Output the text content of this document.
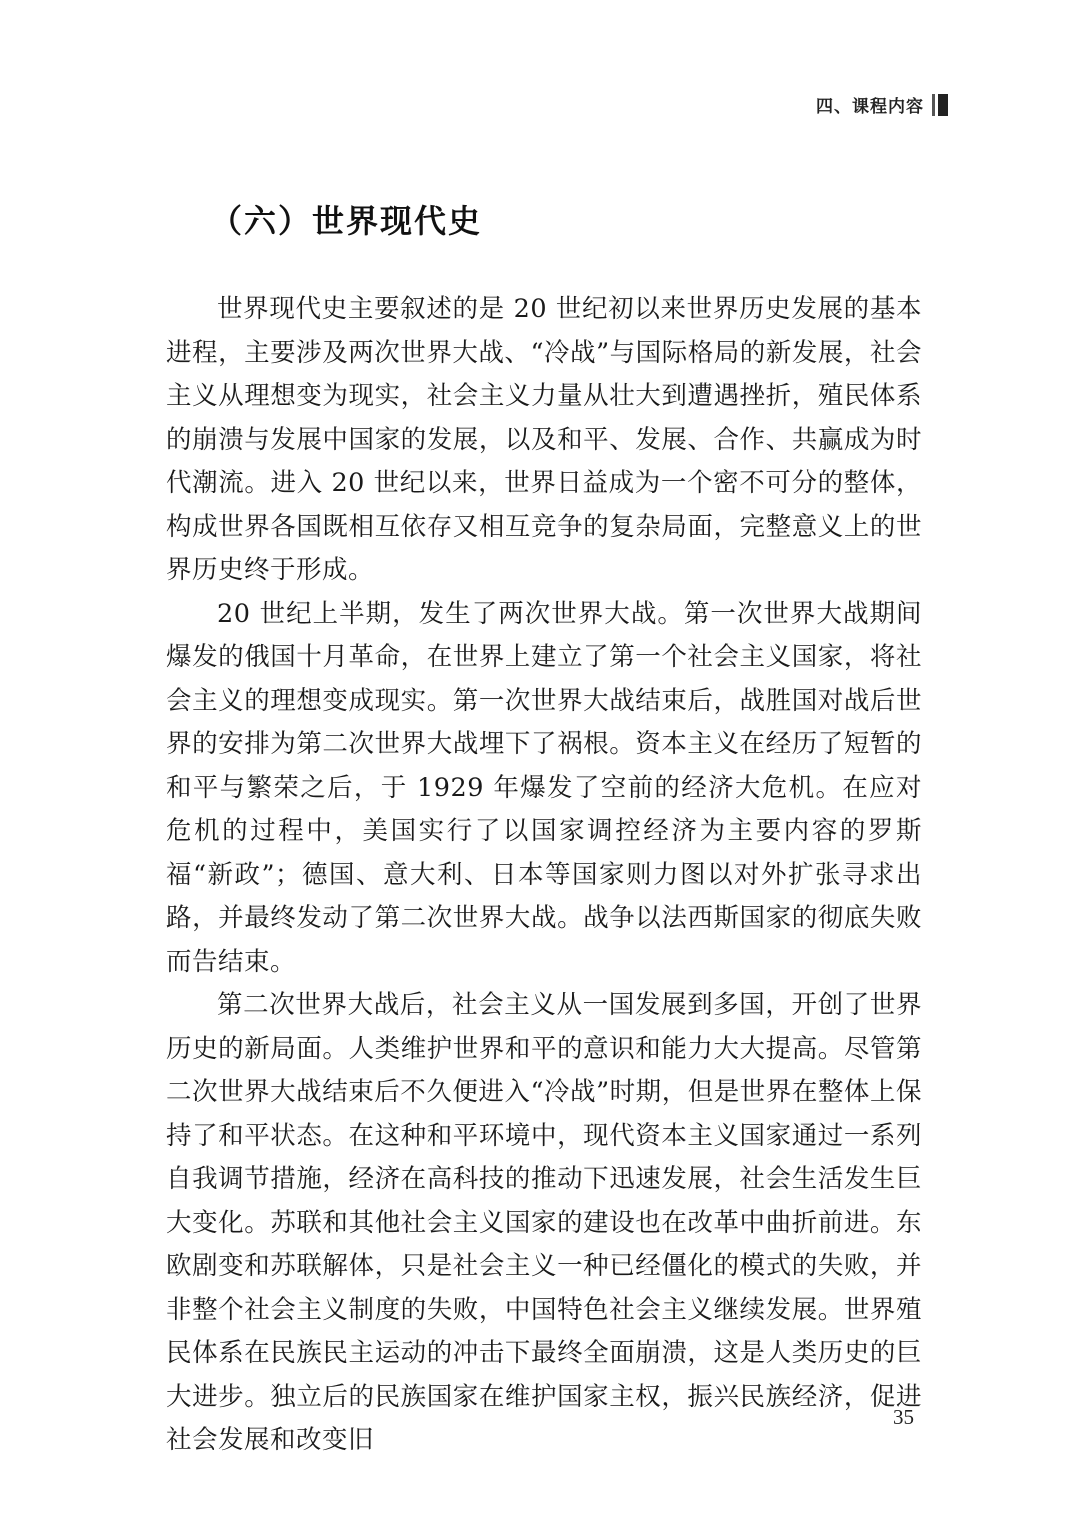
四、课程内容
（六）世界现代史

世界现代史主要叙述的是 20 世纪初以来世界历史发展的基本进程，主要涉及两次世界大战、“冷战”与国际格局的新发展，社会主义从理想变为现实，社会主义力量从壮大到遭遇挫折，殖民体系的崩溃与发展中国家的发展，以及和平、发展、合作、共赢成为时代潮流。进入 20 世纪以来，世界日益成为一个密不可分的整体，构成世界各国既相互依存又相互竞争的复杂局面，完整意义上的世界历史终于形成。

20 世纪上半期，发生了两次世界大战。第一次世界大战期间爆发的俄国十月革命，在世界上建立了第一个社会主义国家，将社会主义的理想变成现实。第一次世界大战结束后，战胜国对战后世界的安排为第二次世界大战埋下了祸根。资本主义在经历了短暂的和平与繁荣之后，于 1929 年爆发了空前的经济大危机。在应对危机的过程中，美国实行了以国家调控经济为主要内容的罗斯福“新政”；德国、意大利、日本等国家则力图以对外扩张寻求出路，并最终发动了第二次世界大战。战争以法西斯国家的彻底失败而告结束。

第二次世界大战后，社会主义从一国发展到多国，开创了世界历史的新局面。人类维护世界和平的意识和能力大大提高。尽管第二次世界大战结束后不久便进入“冷战”时期，但是世界在整体上保持了和平状态。在这种和平环境中，现代资本主义国家通过一系列自我调节措施，经济在高科技的推动下迅速发展，社会生活发生巨大变化。苏联和其他社会主义国家的建设也在改革中曲折前进。东欧剧变和苏联解体，只是社会主义一种已经僵化的模式的失败，并非整个社会主义制度的失败，中国特色社会主义继续发展。世界殖民体系在民族民主运动的冲击下最终全面崩溃，这是人类历史的巨大进步。独立后的民族国家在维护国家主权，振兴民族经济，促进社会发展和改变旧

35
